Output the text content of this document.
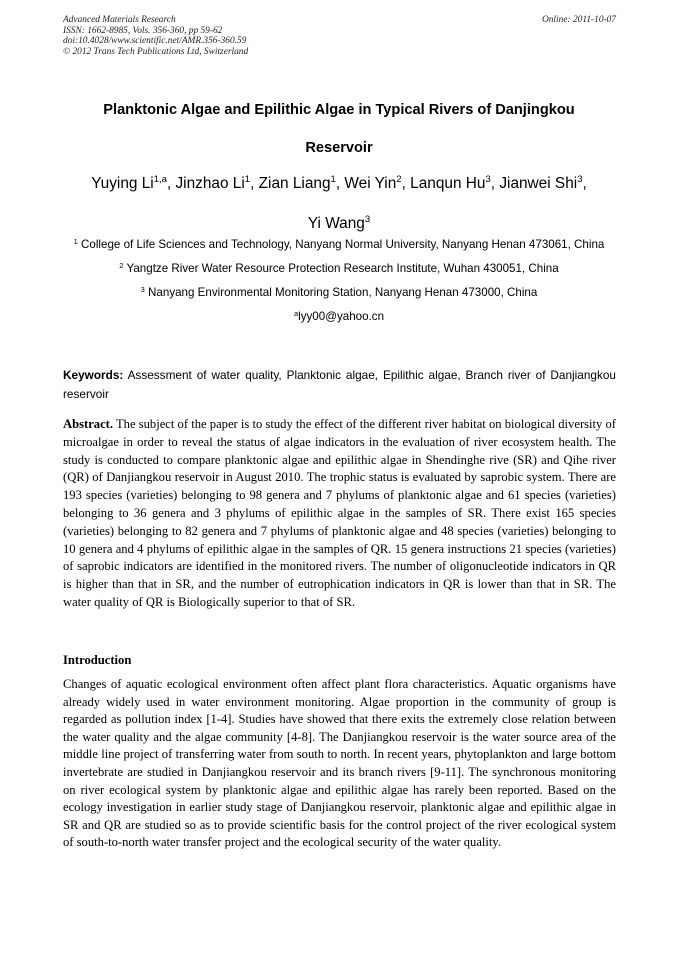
Advanced Materials Research
ISSN: 1662-8985, Vols. 356-360, pp 59-62
doi:10.4028/www.scientific.net/AMR.356-360.59
© 2012 Trans Tech Publications Ltd, Switzerland
Online: 2011-10-07
Planktonic Algae and Epilithic Algae in Typical Rivers of Danjingkou
Reservoir
Yuying Li$^{1,a}$, Jinzhao Li$^1$, Zian Liang$^1$, Wei Yin$^2$, Lanqun Hu$^3$, Jianwei Shi$^3$,
Yi Wang$^3$
$^1$ College of Life Sciences and Technology, Nanyang Normal University, Nanyang Henan 473061, China
$^2$ Yangtze River Water Resource Protection Research Institute, Wuhan 430051, China
$^3$ Nanyang Environmental Monitoring Station, Nanyang Henan 473000, China
$^a$lyy00@yahoo.cn
Keywords: Assessment of water quality, Planktonic algae, Epilithic algae, Branch river of Danjiangkou reservoir
Abstract. The subject of the paper is to study the effect of the different river habitat on biological diversity of microalgae in order to reveal the status of algae indicators in the evaluation of river ecosystem health. The study is conducted to compare planktonic algae and epilithic algae in Shendinghe rive (SR) and Qihe river (QR) of Danjiangkou reservoir in August 2010. The trophic status is evaluated by saprobic system. There are 193 species (varieties) belonging to 98 genera and 7 phylums of planktonic algae and 61 species (varieties) belonging to 36 genera and 3 phylums of epilithic algae in the samples of SR. There exist 165 species (varieties) belonging to 82 genera and 7 phylums of planktonic algae and 48 species (varieties) belonging to 10 genera and 4 phylums of epilithic algae in the samples of QR. 15 genera instructions 21 species (varieties) of saprobic indicators are identified in the monitored rivers. The number of oligonucleotide indicators in QR is higher than that in SR, and the number of eutrophication indicators in QR is lower than that in SR. The water quality of QR is Biologically superior to that of SR.
Introduction
Changes of aquatic ecological environment often affect plant flora characteristics. Aquatic organisms have already widely used in water environment monitoring. Algae proportion in the community of group is regarded as pollution index [1-4]. Studies have showed that there exits the extremely close relation between the water quality and the algae community [4-8]. The Danjiangkou reservoir is the water source area of the middle line project of transferring water from south to north. In recent years, phytoplankton and large bottom invertebrate are studied in Danjiangkou reservoir and its branch rivers [9-11]. The synchronous monitoring on river ecological system by planktonic algae and epilithic algae has rarely been reported. Based on the ecology investigation in earlier study stage of Danjiangkou reservoir, planktonic algae and epilithic algae in SR and QR are studied so as to provide scientific basis for the control project of the river ecological system of south-to-north water transfer project and the ecological security of the water quality.
